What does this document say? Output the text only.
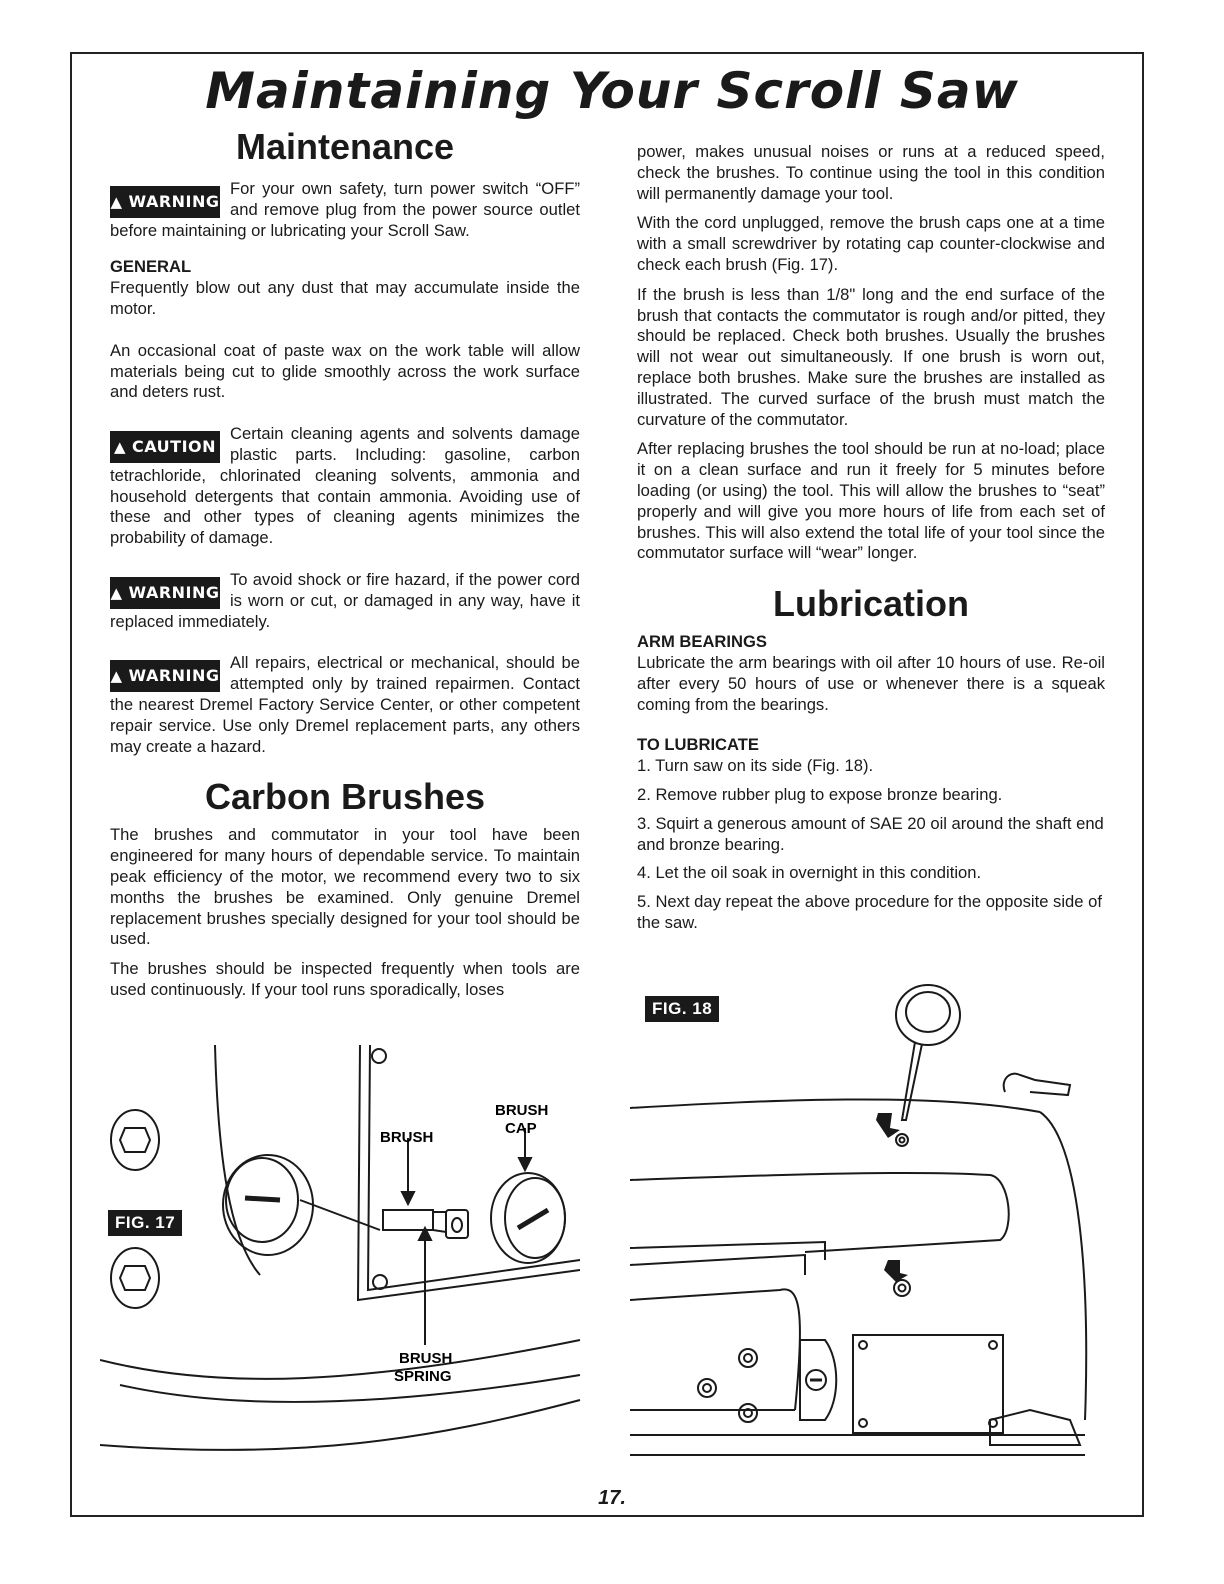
Maintaining Your Scroll Saw
Maintenance
▲ WARNING

For your own safety, turn power switch “OFF” and remove plug from the power source outlet before maintaining or lubricating your Scroll Saw.

GENERAL

Frequently blow out any dust that may accumulate inside the motor.

An occasional coat of paste wax on the work table will allow materials being cut to glide smoothly across the work surface and deters rust.

▲ CAUTION

Certain cleaning agents and solvents damage plastic parts. Including: gasoline, carbon tetrachloride, chlorinated cleaning solvents, ammonia and household detergents that contain ammonia. Avoiding use of these and other types of cleaning agents minimizes the probability of damage.

▲ WARNING

To avoid shock or fire hazard, if the power cord is worn or cut, or damaged in any way, have it replaced immediately.

▲ WARNING

All repairs, electrical or mechanical, should be attempted only by trained repairmen. Contact the nearest Dremel Factory Service Center, or other competent repair service. Use only Dremel replacement parts, any others may create a hazard.

Carbon Brushes

The brushes and commutator in your tool have been engineered for many hours of dependable service. To maintain peak efficiency of the motor, we recommend every two to six months the brushes be examined. Only genuine Dremel replacement brushes specially designed for your tool should be used.

The brushes should be inspected frequently when tools are used continuously. If your tool runs sporadically, loses

power, makes unusual noises or runs at a reduced speed, check the brushes. To continue using the tool in this condition will permanently damage your tool.

With the cord unplugged, remove the brush caps one at a time with a small screwdriver by rotating cap counter-clockwise and check each brush (Fig. 17).

If the brush is less than 1/8" long and the end surface of the brush that contacts the commutator is rough and/or pitted, they should be replaced. Check both brushes. Usually the brushes will not wear out simultaneously. If one brush is worn out, replace both brushes. Make sure the brushes are installed as illustrated. The curved surface of the brush must match the curvature of the commutator.

After replacing brushes the tool should be run at no-load; place it on a clean surface and run it freely for 5 minutes before loading (or using) the tool. This will allow the brushes to “seat” properly and will give you more hours of life from each set of brushes. This will also extend the total life of your tool since the commutator surface will “wear” longer.

Lubrication

ARM BEARINGS

Lubricate the arm bearings with oil after 10 hours of use. Re-oil after every 50 hours of use or whenever there is a squeak coming from the bearings.

TO LUBRICATE

1. Turn saw on its side (Fig. 18).
2. Remove rubber plug to expose bronze bearing.
3. Squirt a generous amount of SAE 20 oil around the shaft end and bronze bearing.
4. Let the oil soak in overnight in this condition.
5. Next day repeat the above procedure for the opposite side of the saw.
BRUSH
BRUSH
CAP
BRUSH
SPRING
FIG. 17
FIG. 18
17.
